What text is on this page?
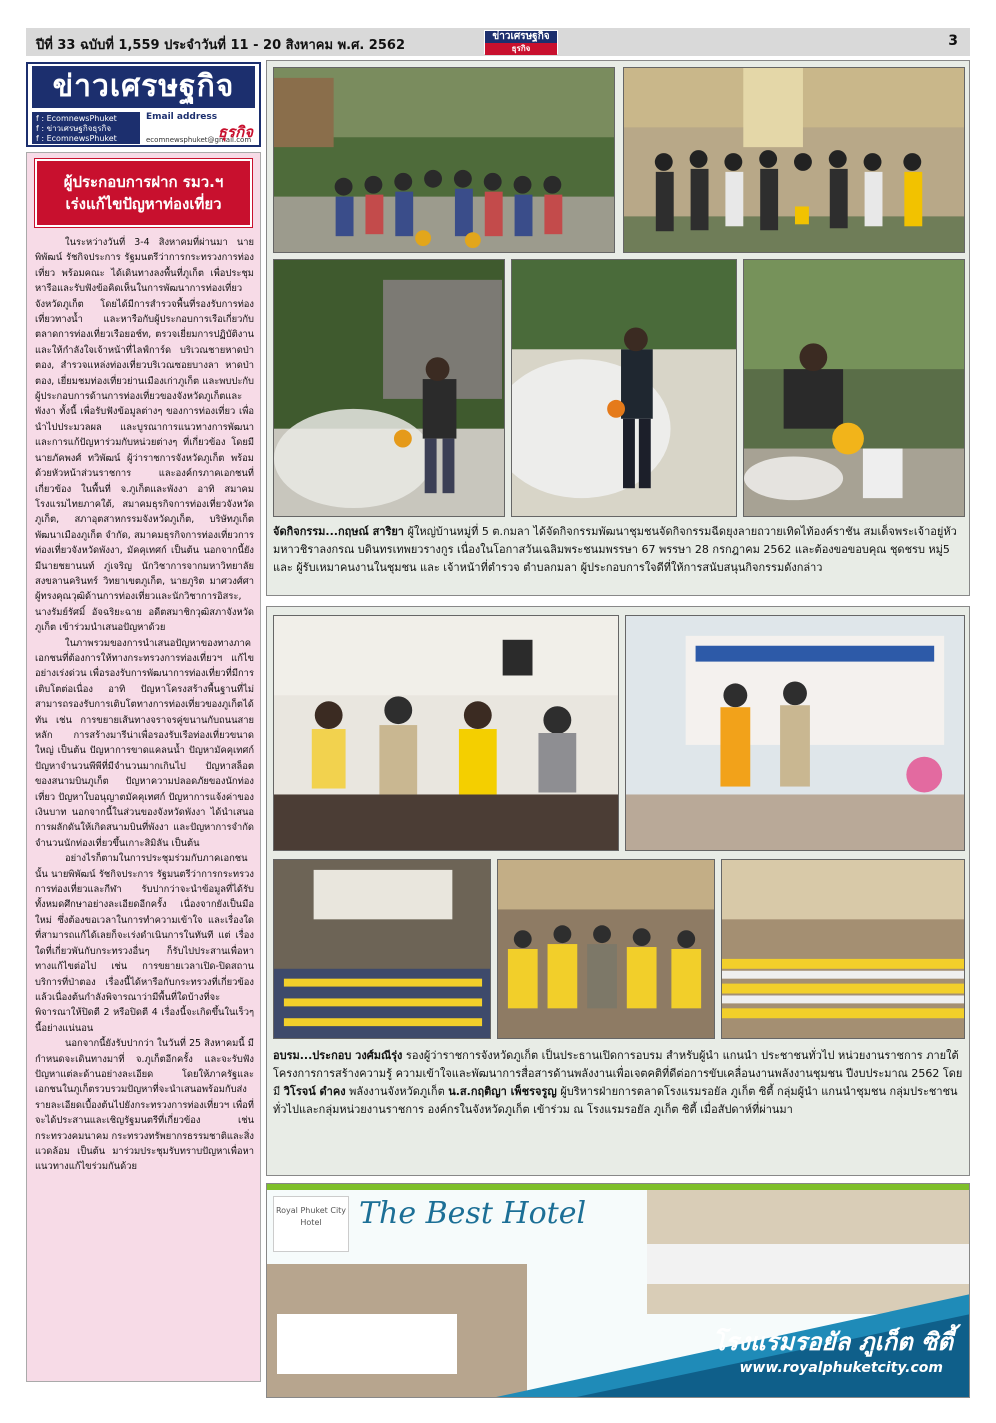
ปีที่ 33 ฉบับที่ 1,559 ประจำวันที่ 11 - 20 สิงหาคม พ.ศ. 2562
ข่าวเศรษฐกิจ
ธุรกิจ	3
ข่าวเศรษฐกิจ
f : EcomnewsPhuket
f : ข่าวเศรษฐกิจธุรกิจ
f : EcomnewsPhuket
Email address
ecomnewsphuket@gmail.com
ธุรกิจ
ผู้ประกอบการฝาก รมว.ฯ
เร่งแก้ไขปัญหาท่องเที่ยว

ในระหว่างวันที่ 3-4 สิงหาคมที่ผ่านมา นายพิพัฒน์ รัชกิจประการ รัฐมนตรีว่าการกระทรวงการท่องเที่ยว พร้อมคณะ ได้เดินทางลงพื้นที่ภูเก็ต เพื่อประชุมหารือและรับฟังข้อคิดเห็นในการพัฒนาการท่องเที่ยวจังหวัดภูเก็ต โดยได้มีการสำรวจพื้นที่รองรับการท่องเที่ยวทางน้ำ และหารือกับผู้ประกอบการเรือเกี่ยวกับตลาดการท่องเที่ยวเรือยอช์ท, ตรวจเยี่ยมการปฏิบัติงานและให้กำลังใจเจ้าหน้าที่ไลฟ์การ์ด บริเวณชายหาดป่าตอง, สำรวจแหล่งท่องเที่ยวบริเวณซอยบางลา หาดป่าตอง, เยี่ยมชมท่องเที่ยวย่านเมืองเก่าภูเก็ต และพบปะกับผู้ประกอบการด้านการท่องเที่ยวของจังหวัดภูเก็ตและพังงา ทั้งนี้ เพื่อรับฟังข้อมูลต่างๆ ของการท่องเที่ยว เพื่อนำไปประมวลผล และบูรณาการแนวทางการพัฒนาและการแก้ปัญหาร่วมกับหน่วยต่างๆ ที่เกี่ยวข้อง โดยมีนายภัคพงศ์ ทวิพัฒน์ ผู้ว่าราชการจังหวัดภูเก็ต พร้อมด้วยหัวหน้าส่วนราชการ และองค์กรภาคเอกชนที่เกี่ยวข้อง ในพื้นที่ จ.ภูเก็ตและพังงา อาทิ สมาคมโรงแรมไทยภาคใต้, สมาคมธุรกิจการท่องเที่ยวจังหวัดภูเก็ต, สภาอุตสาหกรรมจังหวัดภูเก็ต, บริษัทภูเก็ตพัฒนาเมืองภูเก็ต จำกัด, สมาคมธุรกิจการท่องเที่ยวการท่องเที่ยวจังหวัดพังงา, มัคคุเทศก์ เป็นต้น นอกจากนี้ยังมีนายชยานนท์ ภู่เจริญ นักวิชาการจากมหาวิทยาลัยสงขลานครินทร์ วิทยาเขตภูเก็ต, นายภูริต มาศวงศ์ศา ผู้ทรงคุณวุฒิด้านการท่องเที่ยวและนักวิชาการอิสระ, นางรัมย์รัศมิ์ อัจฉริยะฉาย อดีตสมาชิกวุฒิสภาจังหวัดภูเก็ต เข้าร่วมนำเสนอปัญหาด้วย

ในภาพรวมของการนำเสนอปัญหาของทางภาคเอกชนที่ต้องการให้ทางกระทรวงการท่องเที่ยวฯ แก้ไขอย่างเร่งด่วน เพื่อรองรับการพัฒนาการท่องเที่ยวที่มีการเติบโตต่อเนื่อง อาทิ ปัญหาโครงสร้างพื้นฐานที่ไม่สามารถรองรับการเติบโตทางการท่องเที่ยวของภูเก็ตได้ทัน เช่น การขยายเส้นทางจราจรคู่ขนานกับถนนสายหลัก การสร้างมารีน่าเพื่อรองรับเรือท่องเที่ยวขนาดใหญ่ เป็นต้น ปัญหาการขาดแคลนน้ำ ปัญหามัคคุเทศก์ ปัญหาจำนวนพีพีที่มีจำนวนมากเกินไป ปัญหาสล็อตของสนามบินภูเก็ต ปัญหาความปลอดภัยของนักท่องเที่ยว ปัญหาใบอนุญาตมัคคุเทศก์ ปัญหาการแจ้งค่าของเงินบาท นอกจากนี้ในส่วนของจังหวัดพังงา ได้นำเสนอการผลักดันให้เกิดสนามบินที่พังงา และปัญหาการจำกัดจำนวนนักท่องเที่ยวขึ้นเกาะสิมิลัน เป็นต้น

อย่างไรก็ตามในการประชุมร่วมกับภาคเอกชนนั้น นายพิพัฒน์ รัชกิจประการ รัฐมนตรีว่าการกระทรวงการท่องเที่ยวและกีฬา รับปากว่าจะนำข้อมูลที่ได้รับทั้งหมดศึกษาอย่างละเอียดอีกครั้ง เนื่องจากยังเป็นมือใหม่ ซึ่งต้องขอเวลาในการทำความเข้าใจ และเรื่องใดที่สามารถแก้ได้เลยก็จะเร่งดำเนินการในทันที แต่ เรื่องใดที่เกี่ยวพันกับกระทรวงอื่นๆ ก็รับไปประสานเพื่อหาทางแก้ไขต่อไป เช่น การขยายเวลาเปิด-ปิดสถานบริการที่ป่าตอง เรื่องนี้ได้หารือกับกระทรวงที่เกี่ยวข้องแล้วเนื่องต้นกำลังพิจารณาว่ามีพื้นที่ใดบ้างที่จะพิจารณาให้ปิดตี 2 หรือปิดตี 4 เรื่องนี้จะเกิดขึ้นในเร็วๆ นี้อย่างแน่นอน

นอกจากนี้ยังรับปากว่า ในวันที่ 25 สิงหาคมนี้ มีกำหนดจะเดินทางมาที่ จ.ภูเก็ตอีกครั้ง และจะรับฟังปัญหาแต่ละด้านอย่างละเอียด โดยให้ภาครัฐและเอกชนในภูเก็ตรวบรวมปัญหาที่จะนำเสนอพร้อมกับส่งรายละเอียดเบื้องต้นไปยังกระทรวงการท่องเที่ยวฯ เพื่อที่จะได้ประสานและเชิญรัฐมนตรีที่เกี่ยวข้อง เช่น กระทรวงคมนาคม กระทรวงทรัพยากรธรรมชาติและสิ่งแวดล้อม เป็นต้น มาร่วมประชุมรับทราบปัญหาเพื่อหาแนวทางแก้ไขร่วมกันด้วย

จัดกิจกรรม...กฤษณ์ สาริยา ผู้ใหญ่บ้านหมู่ที่ 5 ต.กมลา ได้จัดกิจกรรมพัฒนาชุมชนจัดกิจกรรมฉีดยุงลายถวายเทิดไท้องค์ราชัน สมเด็จพระเจ้าอยู่หัวมหาวชิราลงกรณ บดินทรเทพยวรางกูร เนื่องในโอกาสวันเฉลิมพระชนมพรรษา 67 พรรษา 28 กรกฎาคม 2562 และต้องขอขอบคุณ ชุดชรบ หมู่5 และ ผู้รับเหมาคนงานในชุมชน และ เจ้าหน้าที่ตำรวจ ตำบลกมลา ผู้ประกอบการใจดีที่ให้การสนับสนุนกิจกรรมดังกล่าว
อบรม...ประกอบ วงศ์มณีรุ่ง รองผู้ว่าราชการจังหวัดภูเก็ต เป็นประธานเปิดการอบรม สำหรับผู้นำ แกนนำ ประชาชนทั่วไป หน่วยงานราชการ ภายใต้โครงการการสร้างความรู้ ความเข้าใจและพัฒนาการสื่อสารด้านพลังงานเพื่อเจตคติที่ดีต่อการขับเคลื่อนงานพลังงานชุมชน ปีงบประมาณ 2562 โดยมี วิโรจน์ ดำคง พลังงานจังหวัดภูเก็ต น.ส.กฤติญา เพ็ชรจรูญ ผู้บริหารฝ่ายการตลาดโรงแรมรอยัล ภูเก็ต ซิตี้ กลุ่มผู้นำ แกนนำชุมชน กลุ่มประชาชนทั่วไปและกลุ่มหน่วยงานราชการ องค์กรในจังหวัดภูเก็ต เข้าร่วม ณ โรงแรมรอยัล ภูเก็ต ซิตี้ เมื่อสัปดาห์ที่ผ่านมา
Royal Phuket City Hotel	The Best Hotel
โรงแรมรอยัล ภูเก็ต ซิตี้
www.royalphuketcity.com
